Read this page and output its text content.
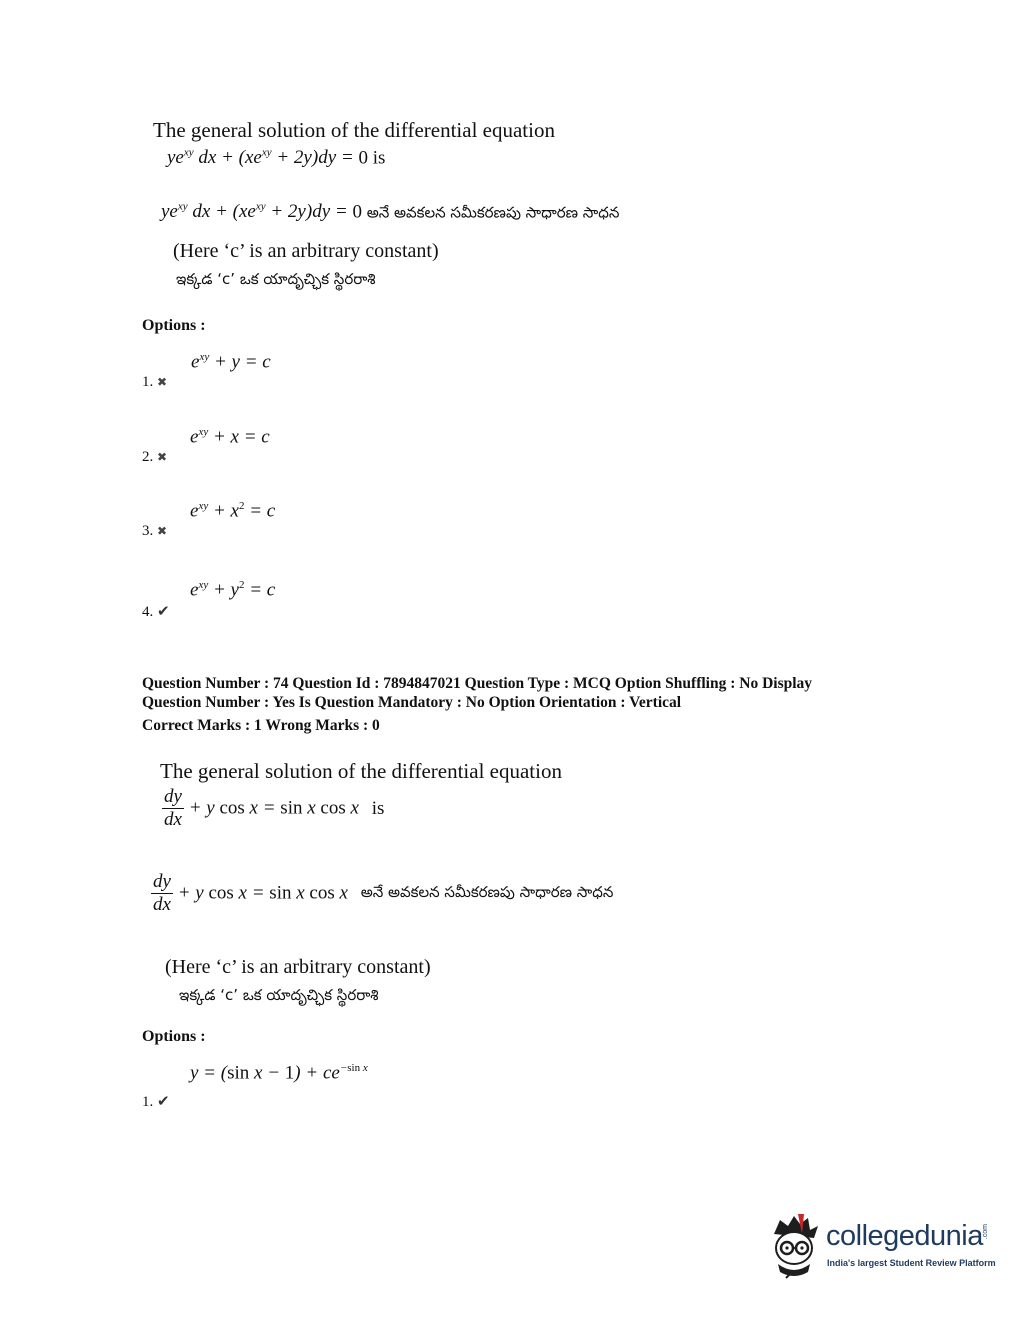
The general solution of the differential equation
$ye^{xy}$ dx + $(xe^{xy} + 2y)dy = 0$ is
$ye^{xy}$ dx + $(xe^{xy} + 2y)dy = 0$ అనే అవకలన సమీకరణపు సాధారణ సాధన
(Here ‘c’ is an arbitrary constant)
ఇక్కడ ‘c’ ఒక యాదృచ్ఛిక స్థిరరాశి
Options :
$e^{xy} + y = c$
1. ✖
$e^{xy} + x = c$
2. ✖
$e^{xy} + x^2 = c$
3. ✖
$e^{xy} + y^2 = c$
4. ✔
Question Number : 74 Question Id : 7894847021 Question Type : MCQ Option Shuffling : No Display
Question Number : Yes Is Question Mandatory : No Option Orientation : Vertical
Correct Marks : 1 Wrong Marks : 0
The general solution of the differential equation
$\frac{dy}{dx} + y$ cos x = sin x cos x is
$\frac{dy}{dx} + y$ cos x = sin x cos x అనే అవకలన సమీకరణపు సాధారణ సాధన
(Here ‘c’ is an arbitrary constant)
ఇక్కడ ‘c’ ఒక యాదృచ్ఛిక స్థిరరాశి
Options :
y = (sin $x - 1) + ce^{-sin x}$
1. ✔
collegedunia .com
India's largest Student Review Platform
